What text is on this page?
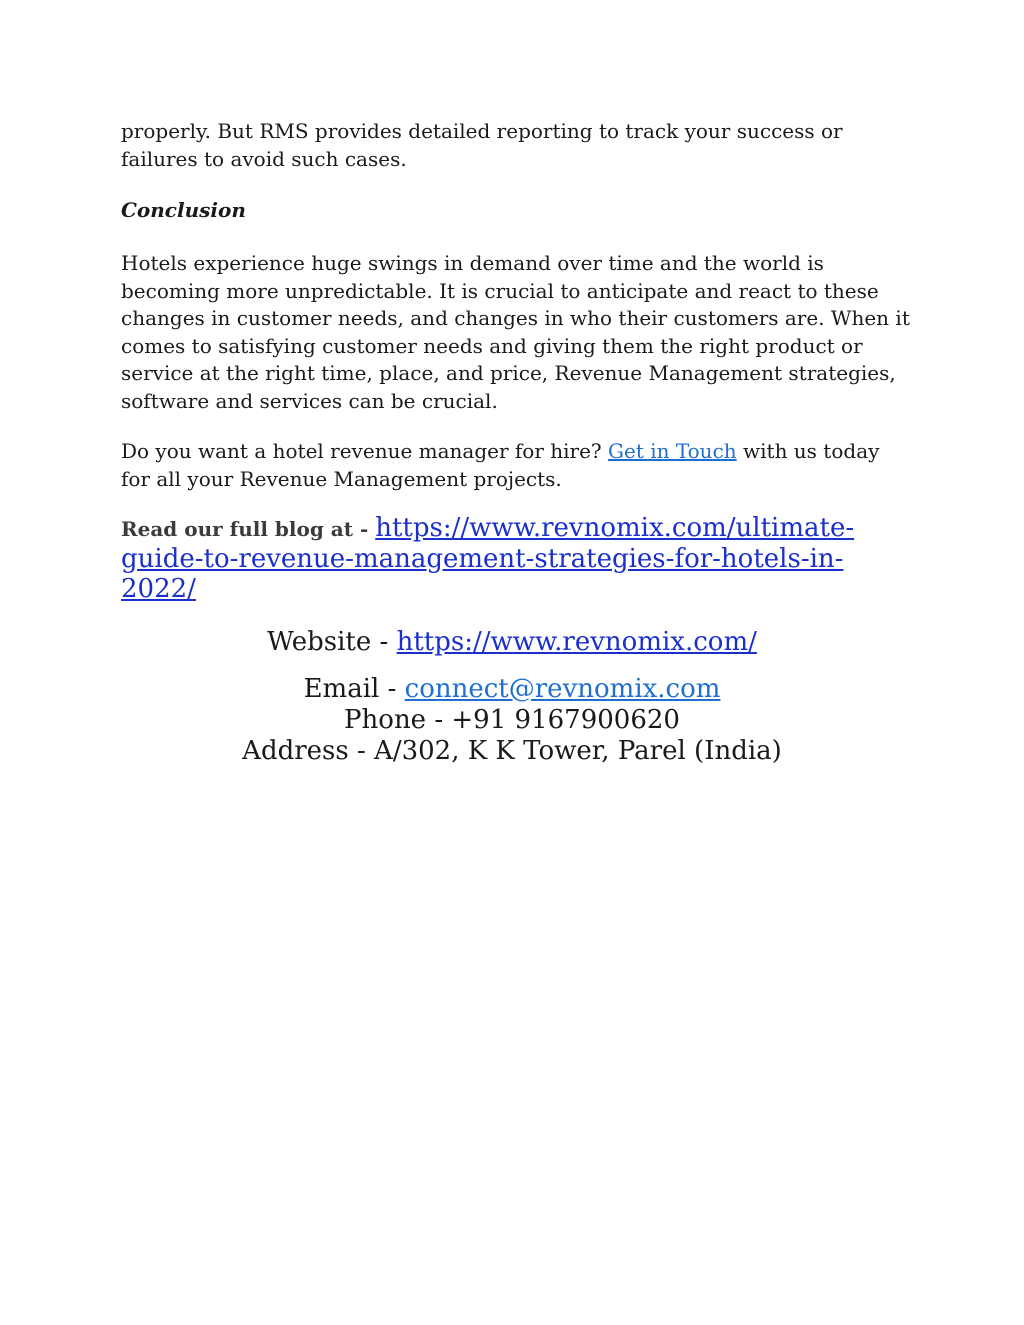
properly. But RMS provides detailed reporting to track your success or failures to avoid such cases.

Conclusion

Hotels experience huge swings in demand over time and the world is becoming more unpredictable. It is crucial to anticipate and react to these changes in customer needs, and changes in who their customers are. When it comes to satisfying customer needs and giving them the right product or service at the right time, place, and price, Revenue Management strategies, software and services can be crucial.

Do you want a hotel revenue manager for hire? Get in Touch with us today for all your Revenue Management projects.

Read our full blog at - https://www.revnomix.com/ultimate-guide-to-revenue-management-strategies-for-hotels-in-2022/

Website - https://www.revnomix.com/
Email - connect@revnomix.com
Phone - +91 9167900620
Address - A/302, K K Tower, Parel (India)
